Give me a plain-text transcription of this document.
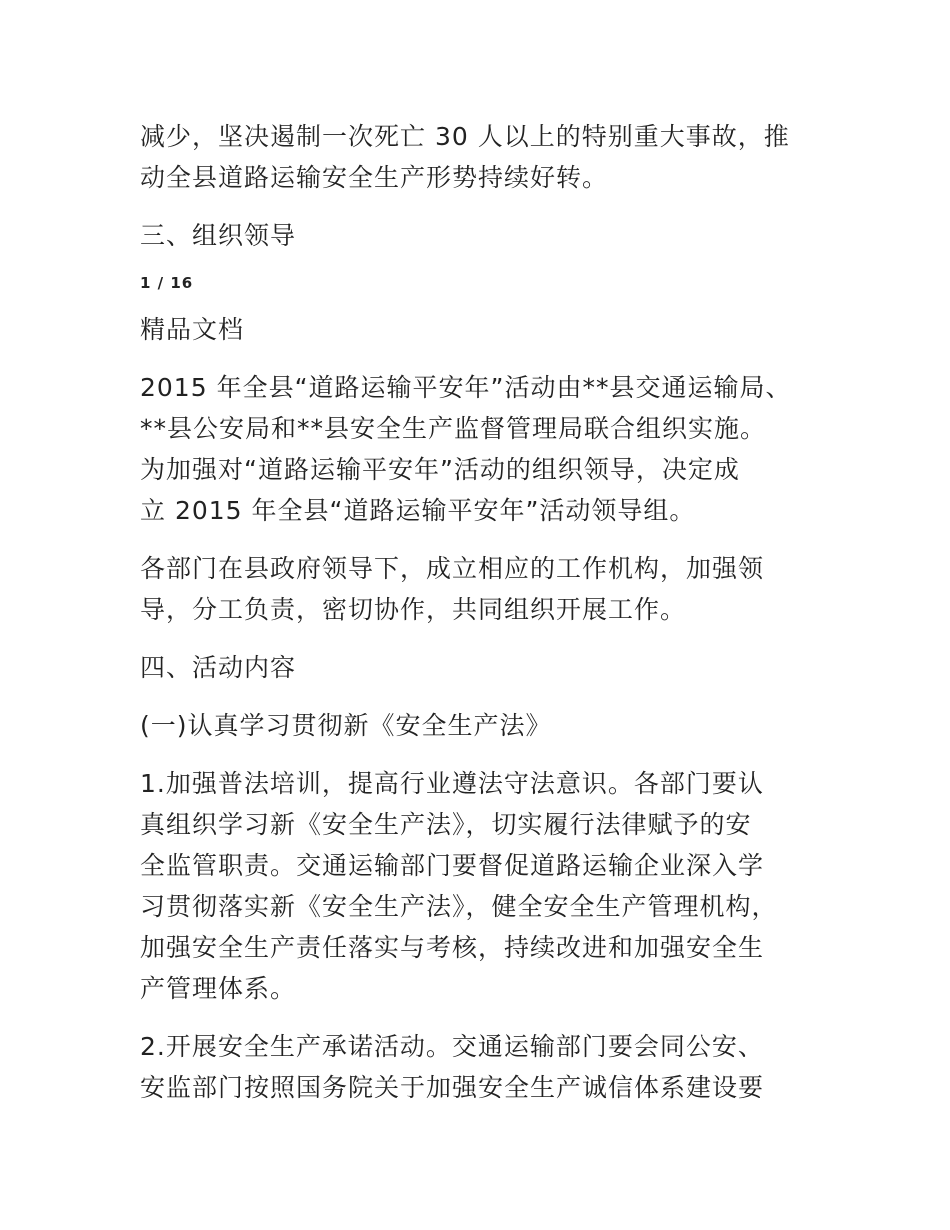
减少，坚决遏制一次死亡 30 人以上的特别重大事故，推

动全县道路运输安全生产形势持续好转。

三、组织领导

1 / 16

精品文档

2015 年全县“道路运输平安年”活动由**县交通运输局、

**县公安局和**县安全生产监督管理局联合组织实施。

为加强对“道路运输平安年”活动的组织领导，决定成

立 2015 年全县“道路运输平安年”活动领导组。

各部门在县政府领导下，成立相应的工作机构，加强领

导，分工负责，密切协作，共同组织开展工作。

四、活动内容

(一)认真学习贯彻新《安全生产法》

1.加强普法培训，提高行业遵法守法意识。各部门要认

真组织学习新《安全生产法》，切实履行法律赋予的安

全监管职责。交通运输部门要督促道路运输企业深入学

习贯彻落实新《安全生产法》，健全安全生产管理机构，

加强安全生产责任落实与考核，持续改进和加强安全生

产管理体系。

2.开展安全生产承诺活动。交通运输部门要会同公安、

安监部门按照国务院关于加强安全生产诚信体系建设要
